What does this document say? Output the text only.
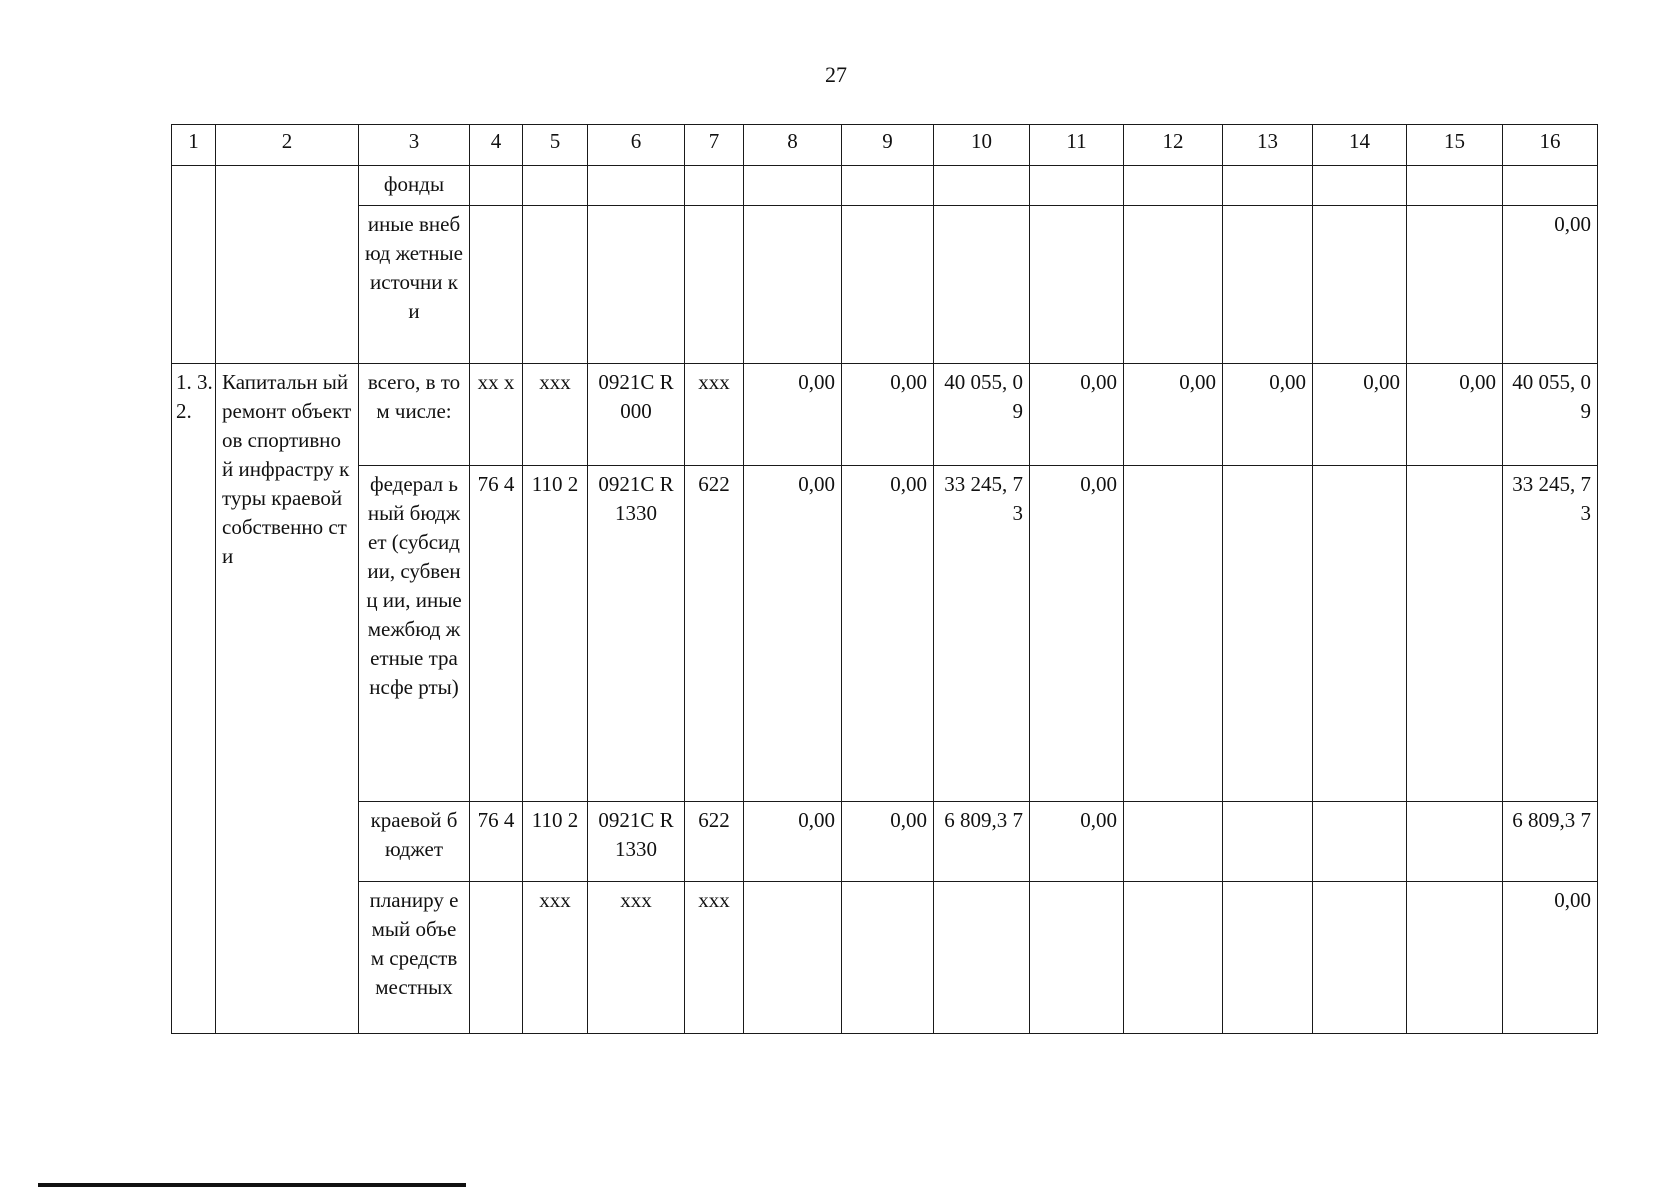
27
1	2	3	4	5	6	7	8	9	10	11	12	13	14	15	16
		фонды													
		иные внебюд жетные источни ки													0,00
1. 3. 2.	Капитальн ый ремонт объектов спортивной инфрастру ктуры краевой собственно сти	всего, в том числе:	xx x	xxx	0921C R000	xxx	0,00	0,00	40 055, 09	0,00	0,00	0,00	0,00	0,00	40 055, 09
		федерал ьный бюджет (субсид ии, субвенц ии, иные межбюд жетные трансфе рты)	76 4	110 2	0921C R1330	622	0,00	0,00	33 245, 73	0,00					33 245, 73
		краевой бюджет	76 4	110 2	0921C R1330	622	0,00	0,00	6 809,3 7	0,00					6 809,3 7
		планиру емый объем средств местных		xxx	xxx	xxx									0,00
